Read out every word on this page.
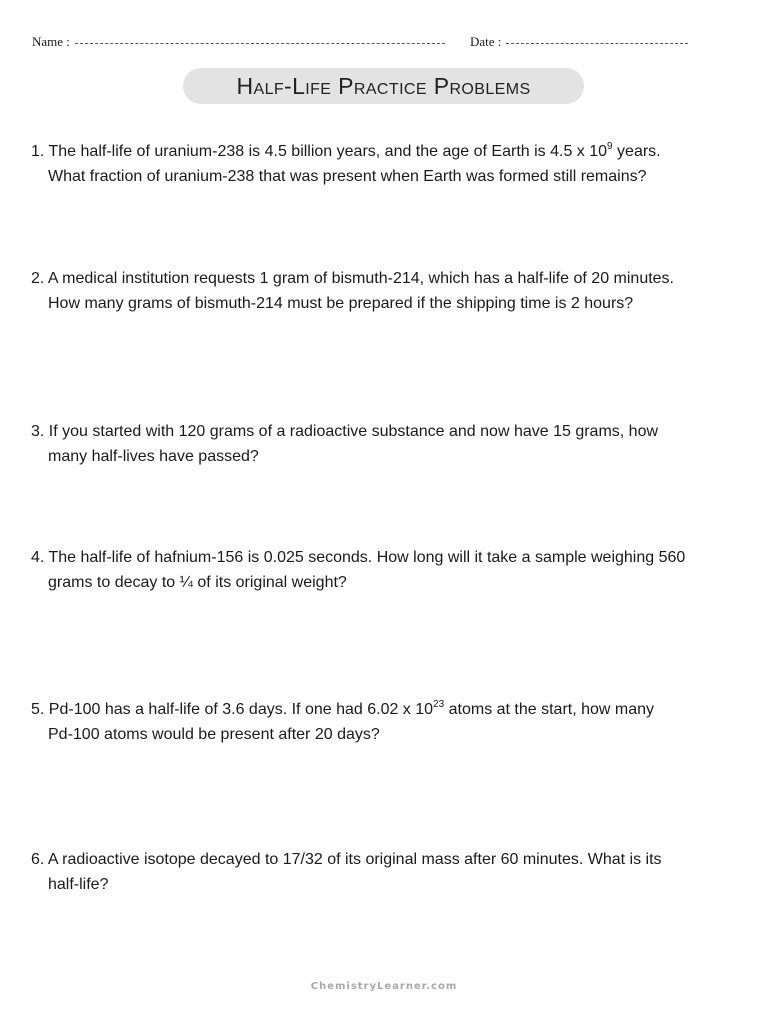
Name :	Date :
Half-Life Practice Problems
1. The half-life of uranium-238 is 4.5 billion years, and the age of Earth is 4.5 x $10^9$ years.
What fraction of uranium-238 that was present when Earth was formed still remains?
2. A medical institution requests 1 gram of bismuth-214, which has a half-life of 20 minutes.
How many grams of bismuth-214 must be prepared if the shipping time is 2 hours?
3. If you started with 120 grams of a radioactive substance and now have 15 grams, how
many half-lives have passed?
4. The half-life of hafnium-156 is 0.025 seconds. How long will it take a sample weighing 560
grams to decay to ¼ of its original weight?
5. Pd-100 has a half-life of 3.6 days. If one had 6.02 x $10^{23}$ atoms at the start, how many
Pd-100 atoms would be present after 20 days?
6. A radioactive isotope decayed to 17/32 of its original mass after 60 minutes. What is its
half-life?
ChemistryLearner.com
